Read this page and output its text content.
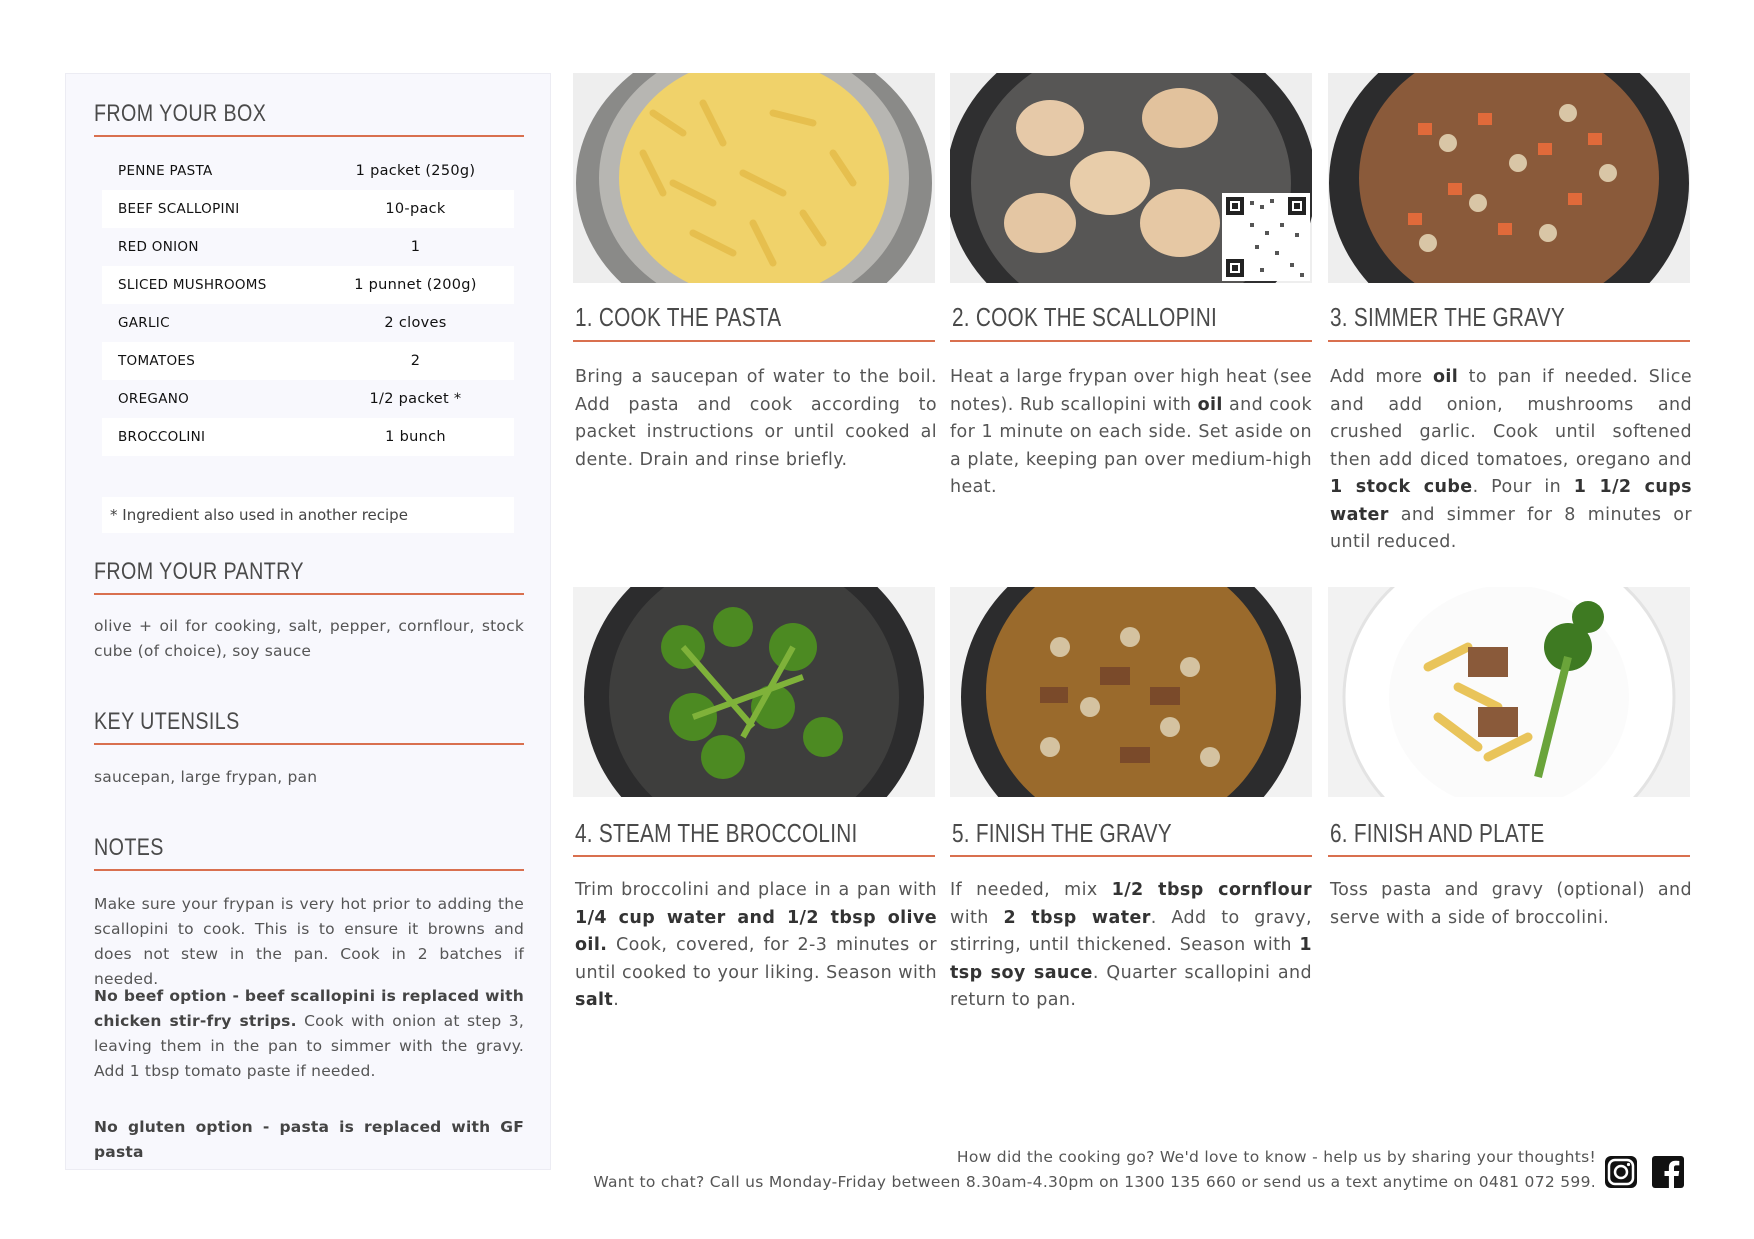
FROM YOUR BOX
PENNE PASTA	1 packet (250g)
BEEF SCALLOPINI	10-pack
RED ONION	1
SLICED MUSHROOMS	1 punnet (200g)
GARLIC	2 cloves
TOMATOES	2
OREGANO	1/2 packet *
BROCCOLINI	1 bunch
* Ingredient also used in another recipe
FROM YOUR PANTRY
olive + oil for cooking, salt, pepper, cornflour, stock cube (of choice), soy sauce
KEY UTENSILS
saucepan, large frypan, pan
NOTES
Make sure your frypan is very hot prior to adding the scallopini to cook. This is to ensure it browns and does not stew in the pan. Cook in 2 batches if needed.
No beef option - beef scallopini is replaced with chicken stir-fry strips. Cook with onion at step 3, leaving them in the pan to simmer with the gravy. Add 1 tbsp tomato paste if needed.
No gluten option - pasta is replaced with GF pasta
1. COOK THE PASTA
Bring a saucepan of water to the boil. Add pasta and cook according to packet instructions or until cooked al dente. Drain and rinse briefly.
2. COOK THE SCALLOPINI
Heat a large frypan over high heat (see notes). Rub scallopini with oil and cook for 1 minute on each side. Set aside on a plate, keeping pan over medium-high heat.
3. SIMMER THE GRAVY
Add more oil to pan if needed. Slice and add onion, mushrooms and crushed garlic. Cook until softened then add diced tomatoes, oregano and 1 stock cube. Pour in 1 1/2 cups water and simmer for 8 minutes or until reduced.
4. STEAM THE BROCCOLINI
Trim broccolini and place in a pan with 1/4 cup water and 1/2 tbsp olive oil. Cook, covered, for 2-3 minutes or until cooked to your liking. Season with salt.
5. FINISH THE GRAVY
If needed, mix 1/2 tbsp cornflour with 2 tbsp water. Add to gravy, stirring, until thickened. Season with 1 tsp soy sauce. Quarter scallopini and return to pan.
6. FINISH AND PLATE
Toss pasta and gravy (optional) and serve with a side of broccolini.
How did the cooking go? We'd love to know - help us by sharing your thoughts!
Want to chat? Call us Monday-Friday between 8.30am-4.30pm on 1300 135 660 or send us a text anytime on 0481 072 599.
